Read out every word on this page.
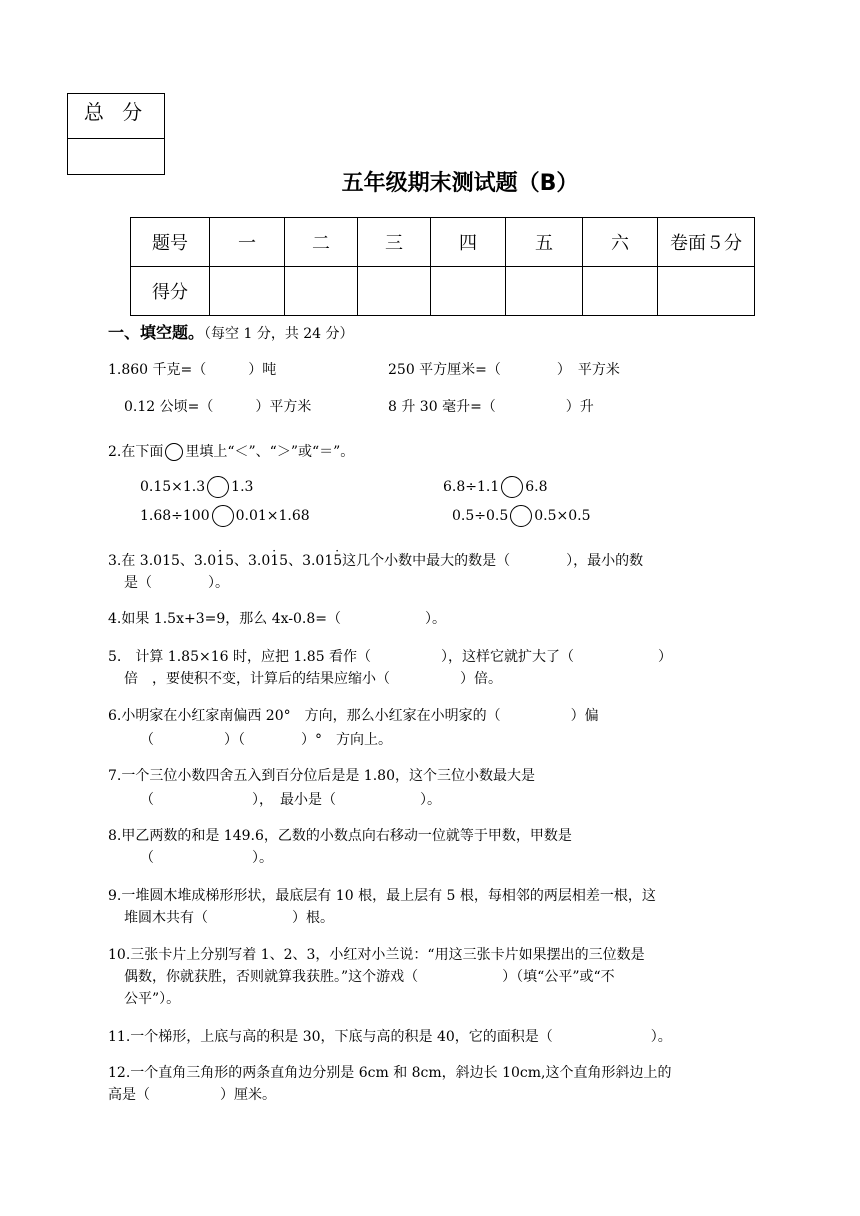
总 分
五年级期末测试题（B）
题号	一	二	三	四	五	六	卷面５分
得分							
一、填空题。（每空 1 分，共 24 分）
1.860 千克=（　　　）吨	250 平方厘米=（　　　　）　平方米
0.12 公顷=（　　　）平方米	8 升 30 毫升=（　　　　　）升
2.在下面 里填上“＜”、“＞”或“＝”。
0.15×1.3 1.3	6.8÷1.1 6.8
1.68÷100 0.01×1.68	0.5÷0.5 0.5×0.5
3.在 3.015、3.015、3.015、3.015这几个小数中最大的数是（　　　　），最小的数
是（　　　　）。
4.如果 1.5x+3=9，那么 4x-0.8=（　　　　　　）。
5.　计算 1.85×16 时，应把 1.85 看作（　　　　　），这样它就扩大了（　　　　　　）
倍　，要使积不变，计算后的结果应缩小（　　　　　）倍。
6.小明家在小红家南偏西 20°　方向，那么小红家在小明家的（　　　　　）偏
（　　　　　）（　　　　）°　方向上。
7.一个三位小数四舍五入到百分位后是是 1.80，这个三位小数最大是
（　　　　　　　），　最小是（　　　　　　）。
8.甲乙两数的和是 149.6，乙数的小数点向右移动一位就等于甲数，甲数是
（　　　　　　　）。
9.一堆圆木堆成梯形形状，最底层有 10 根，最上层有 5 根，每相邻的两层相差一根，这
堆圆木共有（　　　　　　）根。
10.三张卡片上分别写着 1、2、3，小红对小兰说：“用这三张卡片如果摆出的三位数是
偶数，你就获胜，否则就算我获胜。”这个游戏（　　　　　　）（填“公平”或“不
公平”）。
11.一个梯形，上底与高的积是 30，下底与高的积是 40，它的面积是（　　　　　　　）。
12.一个直角三角形的两条直角边分别是 6cm 和 8cm，斜边长 10cm,这个直角形斜边上的
高是（　　　　　）厘米。
